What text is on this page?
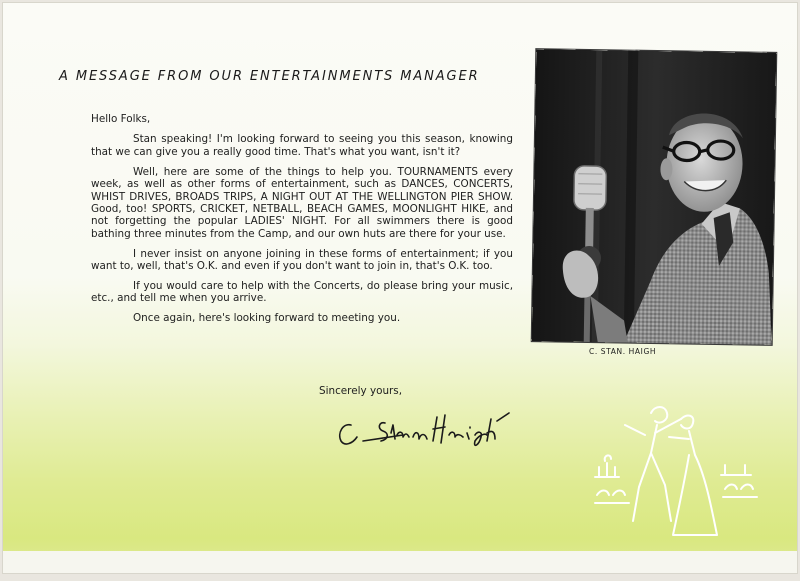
A MESSAGE FROM OUR ENTERTAINMENTS MANAGER

Hello Folks,

Stan speaking! I'm looking forward to seeing you this season, knowing that we can give you a really good time. That's what you want, isn't it?

Well, here are some of the things to help you. TOURNAMENTS every week, as well as other forms of entertainment, such as DANCES, CONCERTS, WHIST DRIVES, BROADS TRIPS, A NIGHT OUT AT THE WELLINGTON PIER SHOW. Good, too! SPORTS, CRICKET, NETBALL, BEACH GAMES, MOONLIGHT HIKE, and not forgetting the popular LADIES' NIGHT. For all swimmers there is good bathing three minutes from the Camp, and our own huts are there for your use.

I never insist on anyone joining in these forms of entertainment; if you want to, well, that's O.K. and even if you don't want to join in, that's O.K. too.

If you would care to help with the Concerts, do please bring your music, etc., and tell me when you arrive.

Once again, here's looking forward to meeting you.

Sincerely yours,
C. STAN. HAIGH
